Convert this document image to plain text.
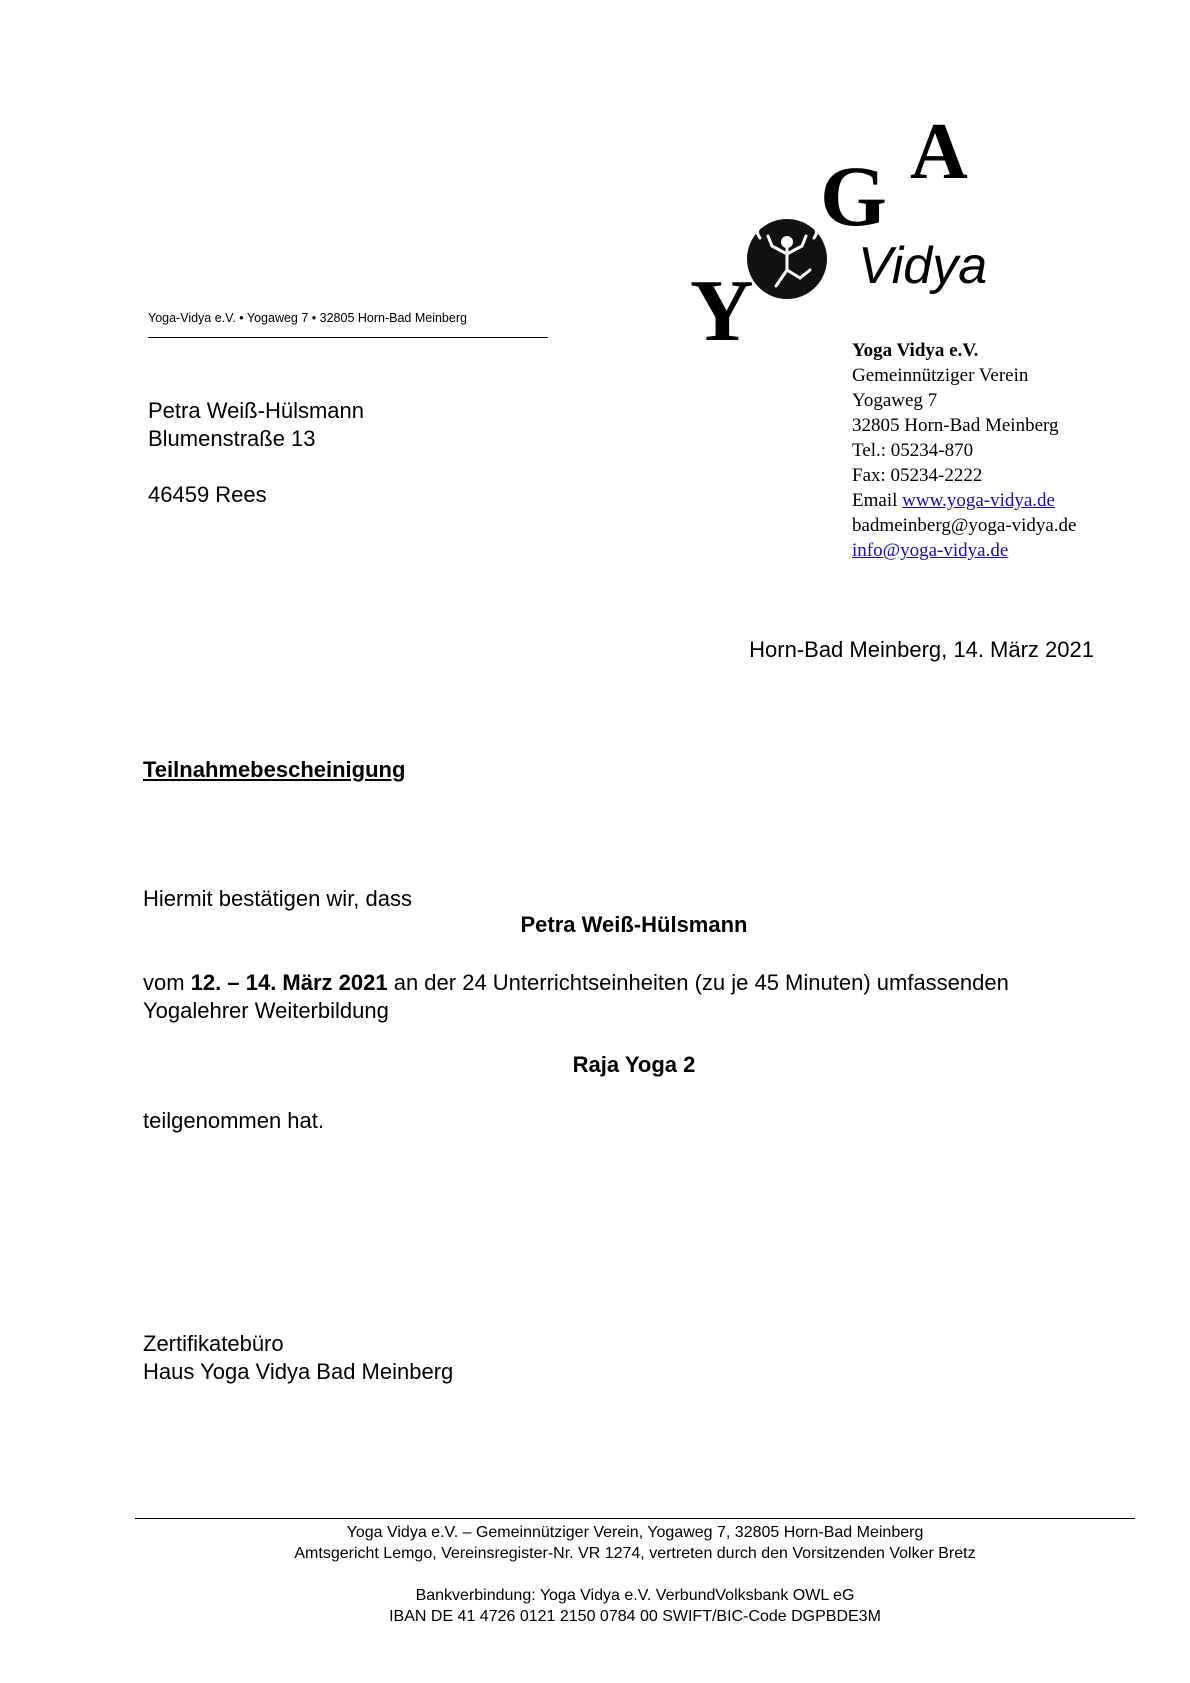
Yoga-Vidya e.V. • Yogaweg 7 • 32805 Horn-Bad Meinberg	Y
G A
Vidya
Petra Weiß-Hülsmann
Blumenstraße 13
46459 Rees
Yoga Vidya e.V.
Gemeinnütziger Verein
Yogaweg 7
32805 Horn-Bad Meinberg
Tel.: 05234-870
Fax: 05234-2222
Email www.yoga-vidya.de
badmeinberg@yoga-vidya.de
info@yoga-vidya.de
Horn-Bad Meinberg, 14. März 2021
Teilnahmebescheinigung
Hiermit bestätigen wir, dass
Petra Weiß-Hülsmann
vom 12. – 14. März 2021 an der 24 Unterrichtseinheiten (zu je 45 Minuten) umfassenden
Yogalehrer Weiterbildung
Raja Yoga 2
teilgenommen hat.
Zertifikatebüro
Haus Yoga Vidya Bad Meinberg
Yoga Vidya e.V. – Gemeinnütziger Verein, Yogaweg 7, 32805 Horn-Bad Meinberg
Amtsgericht Lemgo, Vereinsregister-Nr. VR 1274, vertreten durch den Vorsitzenden Volker Bretz
Bankverbindung: Yoga Vidya e.V. VerbundVolksbank OWL eG
IBAN DE 41 4726 0121 2150 0784 00 SWIFT/BIC-Code DGPBDE3M
